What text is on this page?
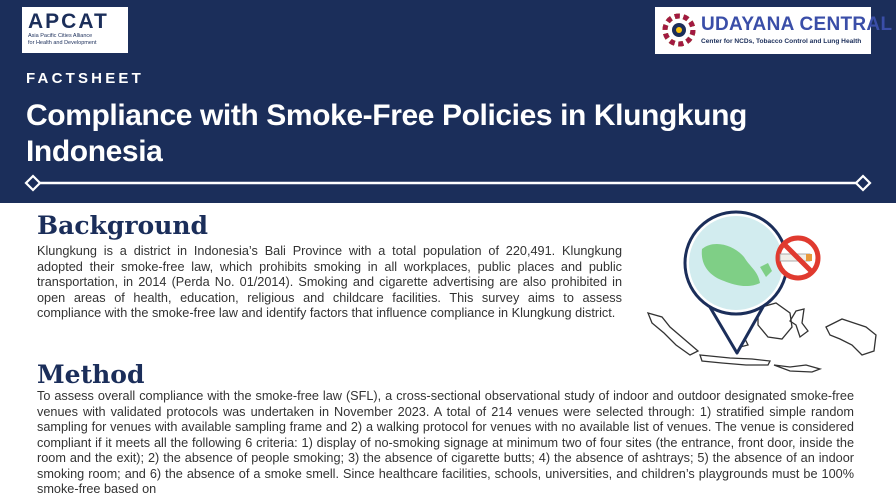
APCAT
Asia Pacific Cities Alliance
for Health and Development
UDAYANA CENTRAL
Center for NCDs, Tobacco Control and Lung Health
FACTSHEET
Compliance with Smoke-Free Policies in Klungkung Indonesia
Background
Klungkung is a district in Indonesia’s Bali Province with a total population of 220,491. Klungkung adopted their smoke-free law, which prohibits smoking in all workplaces, public places and public transportation, in 2014 (Perda No. 01/2014). Smoking and cigarette advertising are also prohibited in open areas of health, education, religious and childcare facilities. This survey aims to assess compliance with the smoke-free law and identify factors that influence compliance in Klungkung district.
Method
To assess overall compliance with the smoke-free law (SFL), a cross-sectional observational study of indoor and outdoor designated smoke-free venues with validated protocols was undertaken in November 2023. A total of 214 venues were selected through: 1) stratified simple random sampling for venues with available sampling frame and 2) a walking protocol for venues with no available list of venues. The venue is considered compliant if it meets all the following 6 criteria: 1) display of no-smoking signage at minimum two of four sites (the entrance, front door, inside the room and the exit); 2) the absence of people smoking; 3) the absence of cigarette butts; 4) the absence of ashtrays; 5) the absence of an indoor smoking room; and 6) the absence of a smoke smell. Since healthcare facilities, schools, universities, and children’s playgrounds must be 100% smoke-free based on
